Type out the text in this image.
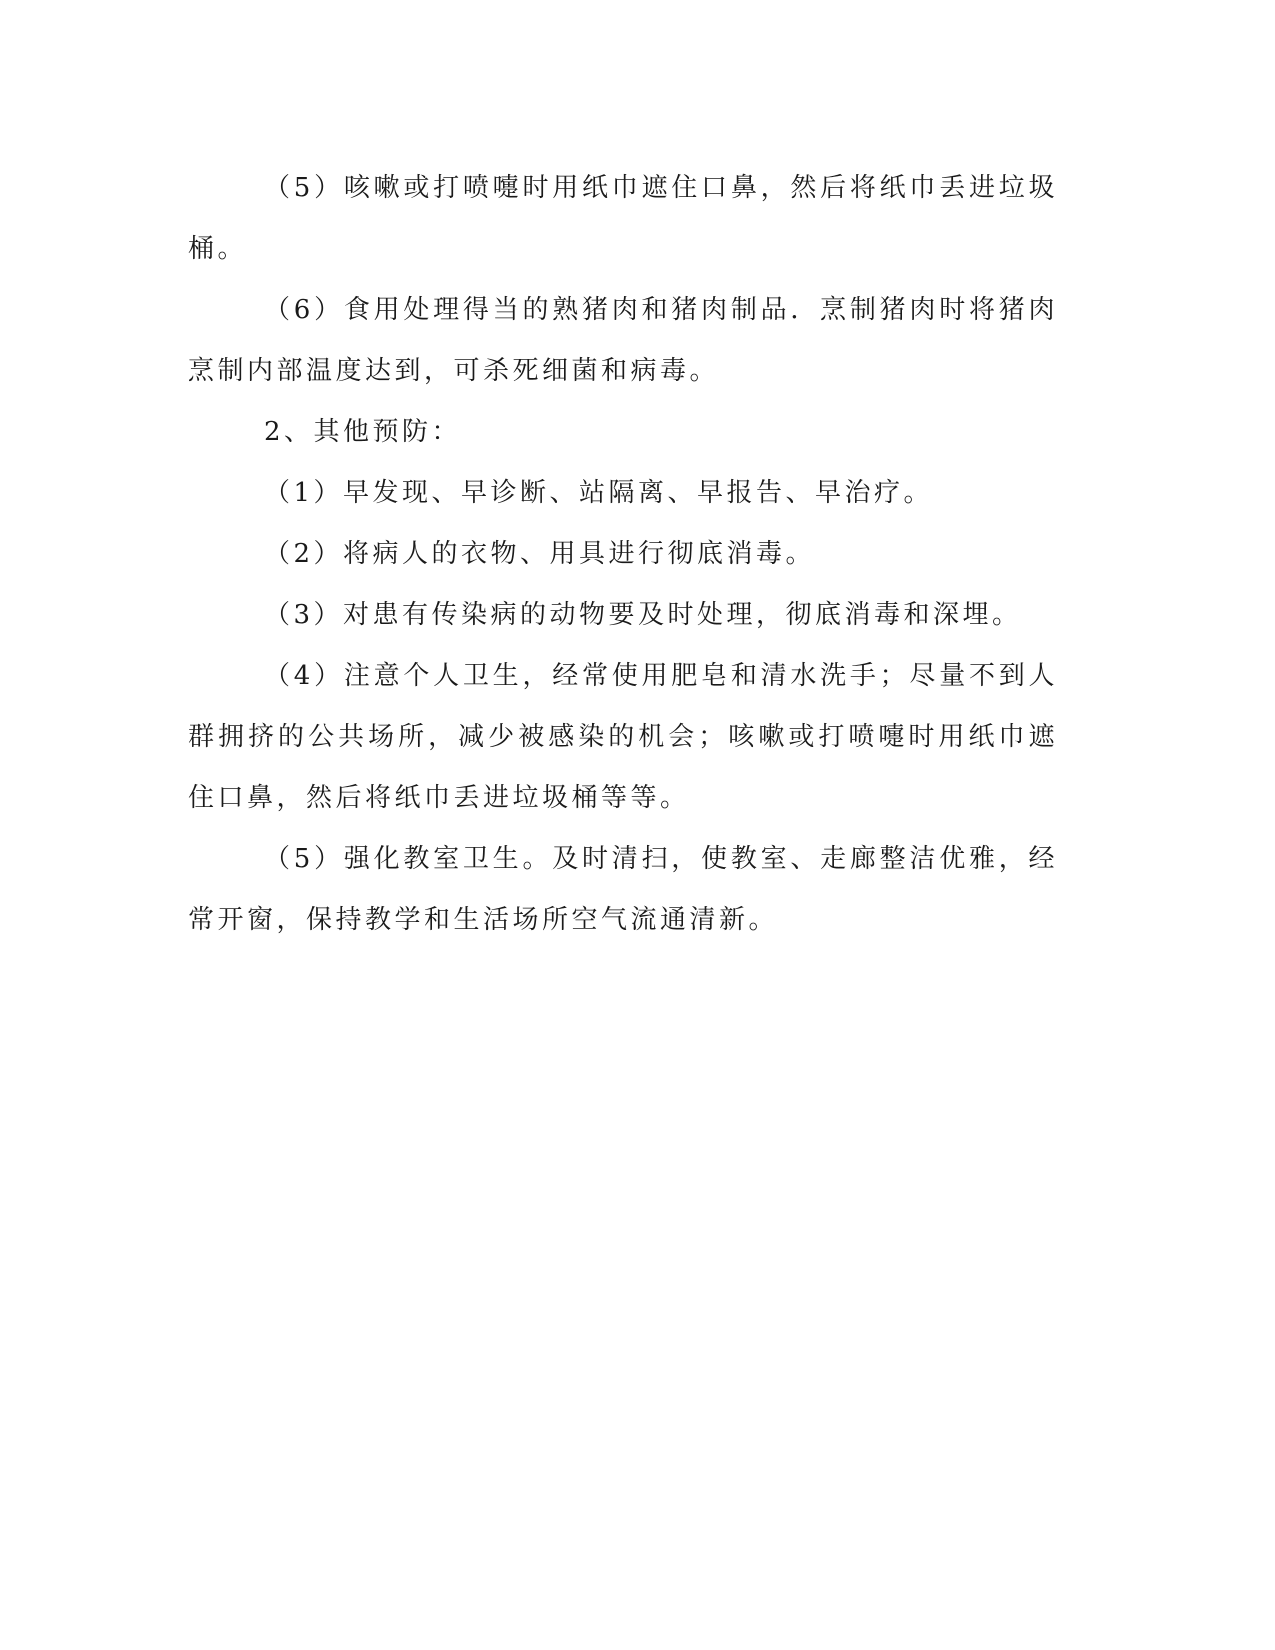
（5）咳嗽或打喷嚏时用纸巾遮住口鼻，然后将纸巾丢进垃圾桶。

（6）食用处理得当的熟猪肉和猪肉制品．烹制猪肉时将猪肉烹制内部温度达到，可杀死细菌和病毒。

2、其他预防：

（1）早发现、早诊断、站隔离、早报告、早治疗。

（2）将病人的衣物、用具进行彻底消毒。

（3）对患有传染病的动物要及时处理，彻底消毒和深埋。

（4）注意个人卫生，经常使用肥皂和清水洗手；尽量不到人群拥挤的公共场所，减少被感染的机会；咳嗽或打喷嚏时用纸巾遮住口鼻，然后将纸巾丢进垃圾桶等等。

（5）强化教室卫生。及时清扫，使教室、走廊整洁优雅，经常开窗，保持教学和生活场所空气流通清新。
